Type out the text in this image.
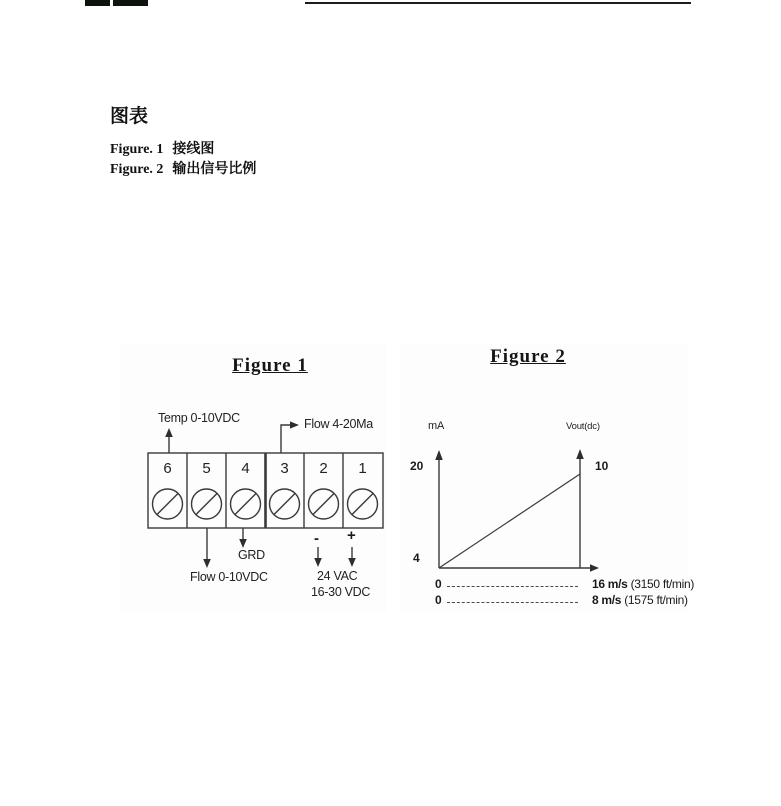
图表
Figure. 1 接线图
Figure. 2 输出信号比例
Figure 1
Temp 0-10VDC	Flow 4-20Ma
6	5	4	3	2	1
GRD
Flow 0-10VDC
- +
24 VAC
16-30 VDC
Figure 2
mA	Vout(dc)
20	10
4
0	16 m/s (3150 ft/min)
0	8 m/s (1575 ft/min)
